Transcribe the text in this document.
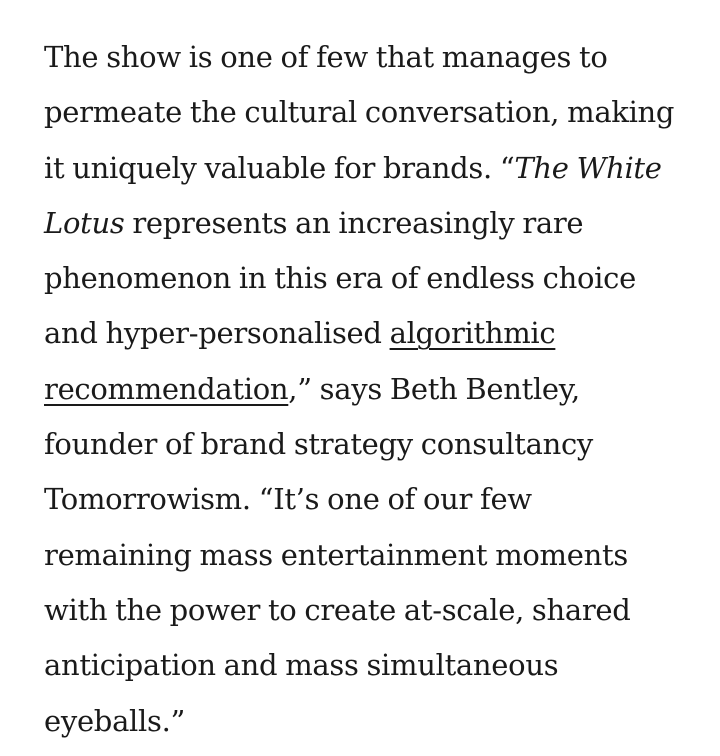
The show is one of few that manages to
permeate the cultural conversation, making
it uniquely valuable for brands. “The White
Lotus represents an increasingly rare
phenomenon in this era of endless choice
and hyper-personalised algorithmic
recommendation,” says Beth Bentley,
founder of brand strategy consultancy
Tomorrowism. “It’s one of our few
remaining mass entertainment moments
with the power to create at-scale, shared
anticipation and mass simultaneous
eyeballs.”
